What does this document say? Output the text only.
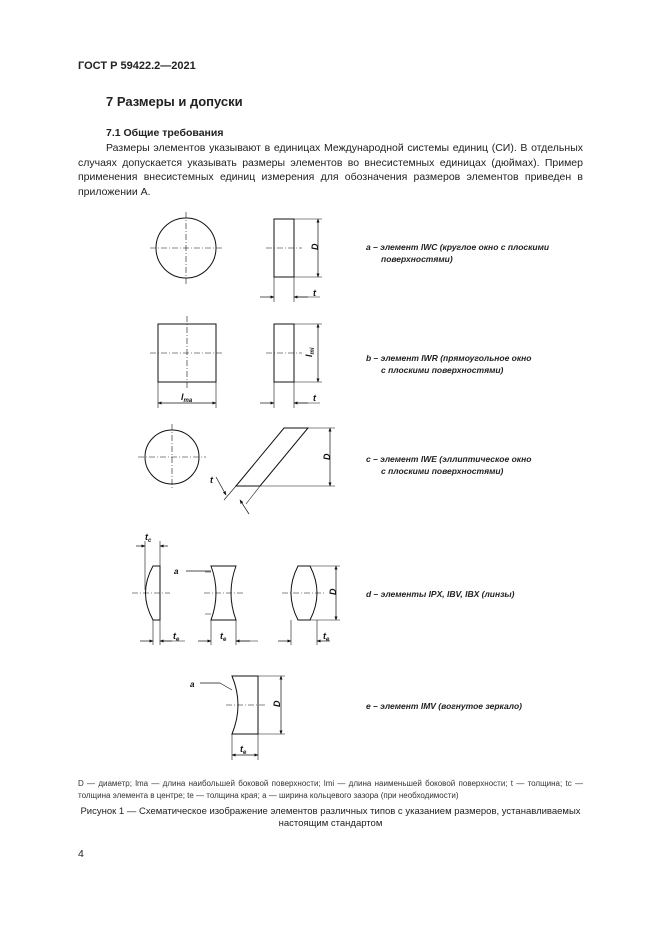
ГОСТ Р 59422.2—2021
7 Размеры и допуски
7.1 Общие требования
Размеры элементов указывают в единицах Международной системы единиц (СИ). В отдельных случаях допускается указывать размеры элементов во внесистемных единицах (дюймах). Пример применения внесистемных единиц измерения для обозначения размеров элементов приведен в приложении А.
D
t
$l_{mi}$
$l_{ma}$	t
D
t
$t_c$
$t_e$	$t_e$	$t_e$
a
D
a
D
$t_e$
a – элемент IWC (круглое окно с плоскими
поверхностями)
b – элемент IWR (прямоугольное окно
с плоскими поверхностями)
c – элемент IWE (эллиптическое окно
с плоскими поверхностями)
d – элементы IPX, IBV, IBX (линзы)
e – элемент IMV (вогнутое зеркало)
D — диаметр; lma — длина наибольшей боковой поверхности; lmi — длина наименьшей боковой поверхности; t — толщина; tc — толщина элемента в центре; te — толщина края; a — ширина кольцевого зазора (при необходимости)
Рисунок 1 — Схематическое изображение элементов различных типов с указанием размеров, устанавливаемых настоящим стандартом
4
